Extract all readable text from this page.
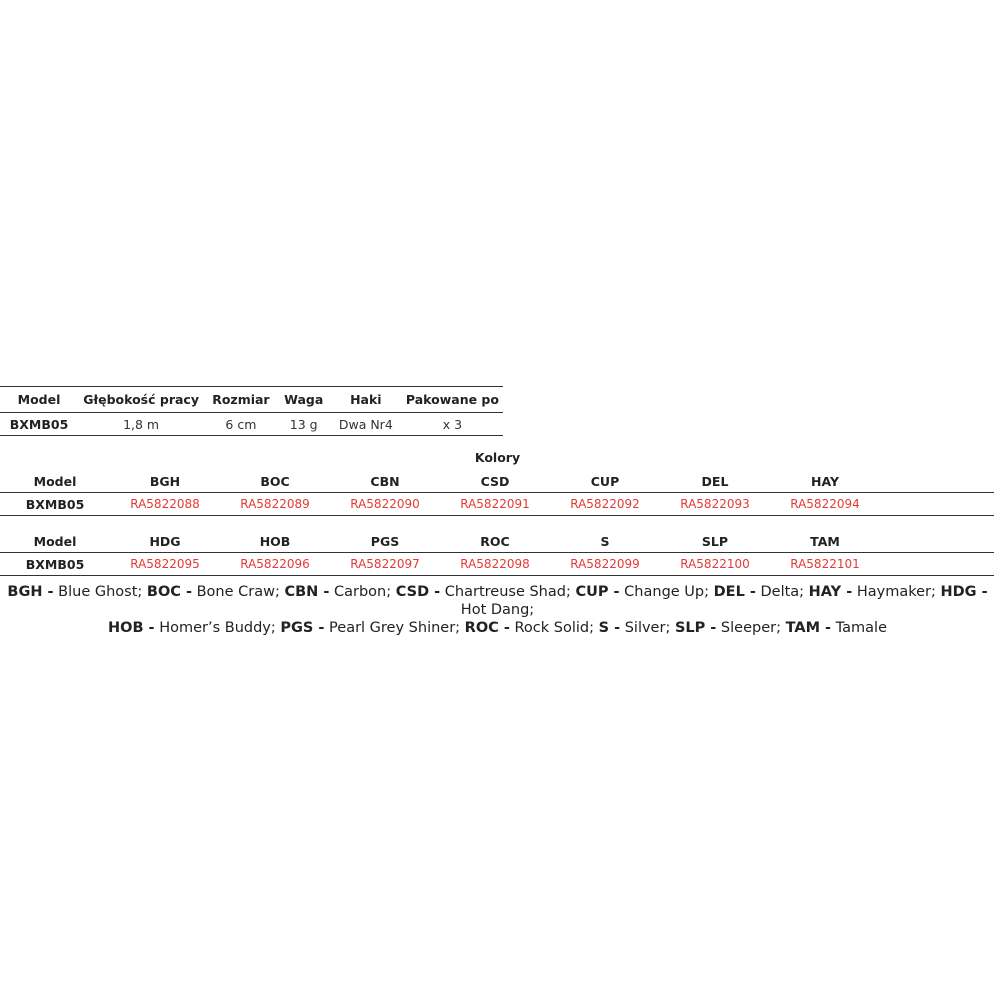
Model	Głębokość pracy	Rozmiar	Waga	Haki	Pakowane po
BXMB05	1,8 m	6 cm	13 g	Dwa Nr4	x 3
Kolory
Model	BGH	BOC	CBN	CSD	CUP	DEL	HAY	
BXMB05	RA5822088	RA5822089	RA5822090	RA5822091	RA5822092	RA5822093	RA5822094	
Model	HDG	HOB	PGS	ROC	S	SLP	TAM	
BXMB05	RA5822095	RA5822096	RA5822097	RA5822098	RA5822099	RA5822100	RA5822101	
BGH - Blue Ghost; BOC - Bone Craw; CBN - Carbon; CSD - Chartreuse Shad; CUP - Change Up; DEL - Delta; HAY - Haymaker; HDG - Hot Dang;
HOB - Homer’s Buddy; PGS - Pearl Grey Shiner; ROC - Rock Solid; S - Silver; SLP - Sleeper; TAM - Tamale
